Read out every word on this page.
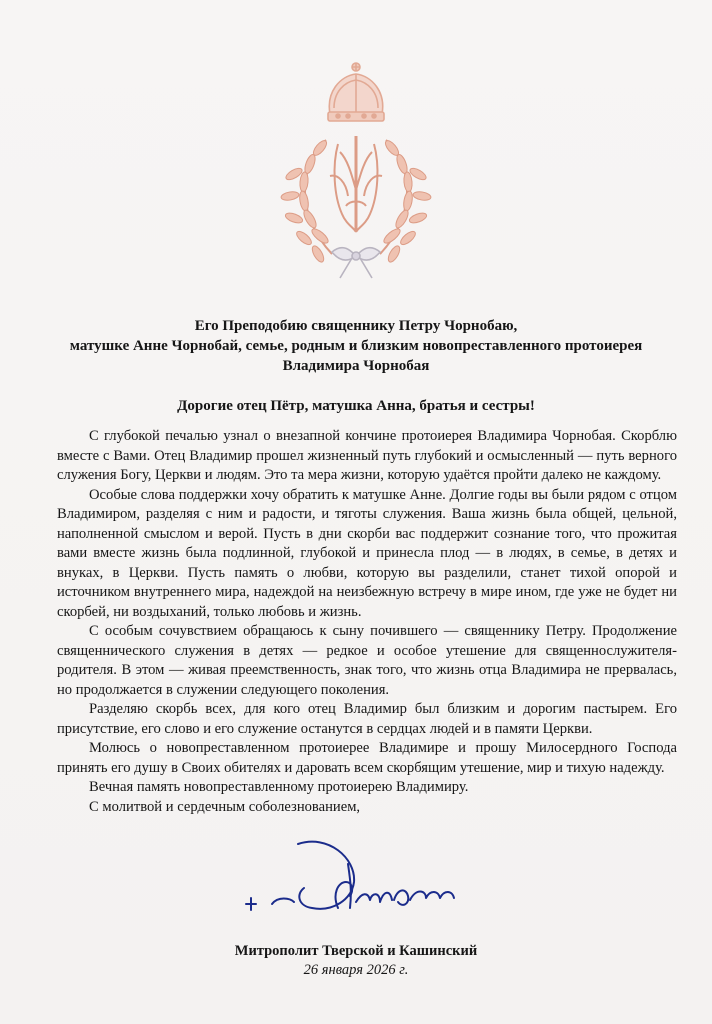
Его Преподобию священнику Петру Чорнобаю,
матушке Анне Чорнобай, семье, родным и близким новопреставленного протоиерея
Владимира Чорнобая
Дорогие отец Пётр, матушка Анна, братья и сестры!

С глубокой печалью узнал о внезапной кончине протоиерея Владимира Чорнобая. Скорблю вместе с Вами. Отец Владимир прошел жизненный путь глубокий и осмысленный — путь верного служения Богу, Церкви и людям. Это та мера жизни, которую удаётся пройти далеко не каждому.

Особые слова поддержки хочу обратить к матушке Анне. Долгие годы вы были рядом с отцом Владимиром, разделяя с ним и радости, и тяготы служения. Ваша жизнь была общей, цельной, наполненной смыслом и верой. Пусть в дни скорби вас поддержит сознание того, что прожитая вами вместе жизнь была подлинной, глубокой и принесла плод — в людях, в семье, в детях и внуках, в Церкви. Пусть память о любви, которую вы разделили, станет тихой опорой и источником внутреннего мира, надеждой на неизбежную встречу в мире ином, где уже не будет ни скорбей, ни воздыханий, только любовь и жизнь.

С особым сочувствием обращаюсь к сыну почившего — священнику Петру. Продолжение священнического служения в детях — редкое и особое утешение для священнослужителя-родителя. В этом — живая преемственность, знак того, что жизнь отца Владимира не прервалась, но продолжается в служении следующего поколения.

Разделяю скорбь всех, для кого отец Владимир был близким и дорогим пастырем. Его присутствие, его слово и его служение останутся в сердцах людей и в памяти Церкви.

Молюсь о новопреставленном протоиерее Владимире и прошу Милосердного Господа принять его душу в Своих обителях и даровать всем скорбящим утешение, мир и тихую надежду.

Вечная память новопреставленному протоиерею Владимиру.

С молитвой и сердечным соболезнованием,

Митрополит Тверской и Кашинский
26 января 2026 г.
